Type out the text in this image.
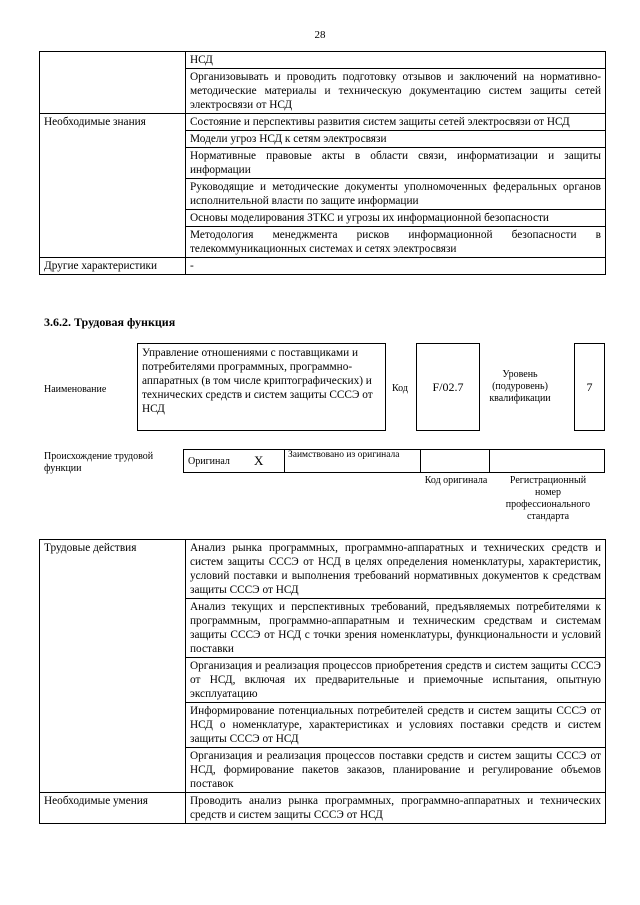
28
	НСД
	Организовывать и проводить подготовку отзывов и заключений на нормативно-методические материалы и техническую документацию систем защиты сетей электросвязи от НСД
Необходимые знания	Состояние и перспективы развития систем защиты сетей электросвязи от НСД
	Модели угроз НСД к сетям электросвязи
	Нормативные правовые акты в области связи, информатизации и защиты информации
	Руководящие и методические документы уполномоченных федеральных органов исполнительной власти по защите информации
	Основы моделирования ЗТКС и угрозы их информационной безопасности
	Методология менеджмента рисков информационной безопасности в телекоммуникационных системах и сетях электросвязи
Другие характеристики	-
3.6.2. Трудовая функция
Наименование
Управление отношениями с поставщиками и потребителями программных, программно-аппаратных (в том числе криптографических) и технических средств и систем защиты СССЭ от НСД
Код	F/02.7
Уровень (подуровень) квалификации
7
Происхождение трудовой функции
Оригинал X	Заимствовано из оригинала
Код оригинала	Регистрационный номер профессионального стандарта
Трудовые действия	Анализ рынка программных, программно-аппаратных и технических средств и систем защиты СССЭ от НСД в целях определения номенклатуры, характеристик, условий поставки и выполнения требований нормативных документов к средствам защиты СССЭ от НСД
	Анализ текущих и перспективных требований, предъявляемых потребителями к программным, программно-аппаратным и техническим средствам и системам защиты СССЭ от НСД с точки зрения номенклатуры, функциональности и условий поставки
	Организация и реализация процессов приобретения средств и систем защиты СССЭ от НСД, включая их предварительные и приемочные испытания, опытную эксплуатацию
	Информирование потенциальных потребителей средств и систем защиты СССЭ от НСД о номенклатуре, характеристиках и условиях поставки средств и систем защиты СССЭ от НСД
	Организация и реализация процессов поставки средств и систем защиты СССЭ от НСД, формирование пакетов заказов, планирование и регулирование объемов поставок
Необходимые умения	Проводить анализ рынка программных, программно-аппаратных и технических средств и систем защиты СССЭ от НСД
